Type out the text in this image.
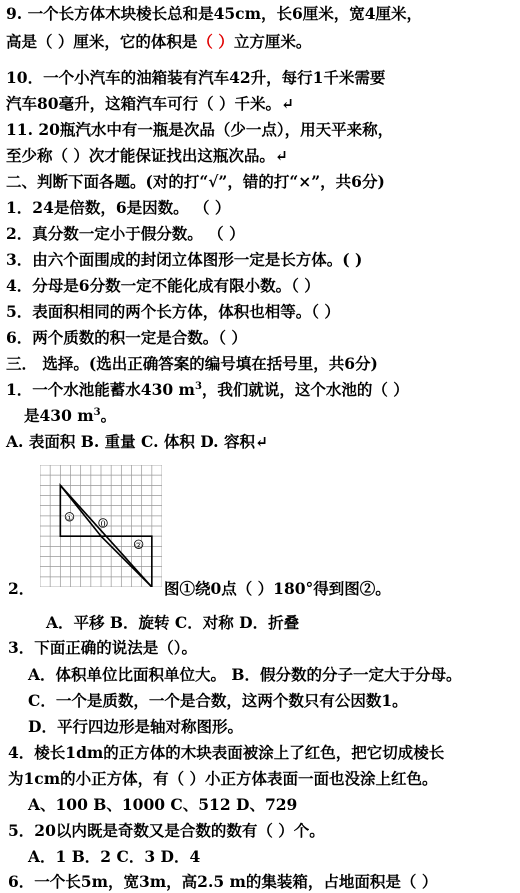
9. 一个长方体木块棱长总和是45cm，长6厘米，宽4厘米，
高是（ ）厘米，它的体积是（ ）立方厘米。
10．一个小汽车的油箱装有汽车42升，每行1千米需要
汽车80毫升，这箱汽车可行（ ）千米。↵
11. 20瓶汽水中有一瓶是次品（少一点），用天平来称，
至少称（ ）次才能保证找出这瓶次品。↵
二、判断下面各题。(对的打“√”，错的打“×”，共6分)
1．24是倍数，6是因数。 （ ）
2．真分数一定小于假分数。 （ ）
3．由六个面围成的封闭立体图形一定是长方体。( )
4．分母是6分数一定不能化成有限小数。（ ）
5．表面积相同的两个长方体，体积也相等。（ ）
6．两个质数的积一定是合数。（ ）
三． 选择。(选出正确答案的编号填在括号里，共6分)
1．一个水池能蓄水430 $m^3$，我们就说，这个水池的（ ）
是430 $m^3$。
A. 表面积 B. 重量 C. 体积 D. 容积↵
①
0
②
2．	图①绕0点（ ）180°得到图②。
A．平移 B．旋转 C．对称 D．折叠
3．下面正确的说法是（）。
A．体积单位比面积单位大。 B．假分数的分子一定大于分母。
C．一个是质数，一个是合数，这两个数只有公因数1。
D．平行四边形是轴对称图形。
4．棱长1dm的正方体的木块表面被涂上了红色，把它切成棱长
为1cm的小正方体，有（ ）小正方体表面一面也没涂上红色。
A、100 B、1000 C、512 D、729
5．20以内既是奇数又是合数的数有（ ）个。
A．1 B．2 C．3 D．4
6．一个长5m，宽3m，高2.5 m的集装箱，占地面积是（ ）
